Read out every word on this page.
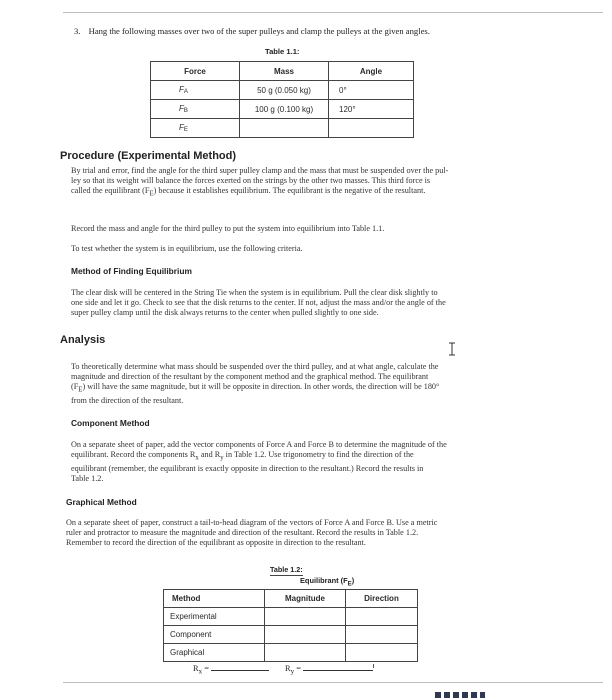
3. Hang the following masses over two of the super pulleys and clamp the pulleys at the given angles.
Table 1.1:
Force	Mass	Angle
FA	50 g (0.050 kg)	0°
FB	100 g (0.100 kg)	120°
FE		
Procedure (Experimental Method)
By trial and error, find the angle for the third super pulley clamp and the mass that must be suspended over the pul-
ley so that its weight will balance the forces exerted on the strings by the other two masses. This third force is
called the equilibrant $(F_E)$ because it establishes equilibrium. The equilibrant is the negative of the resultant.
Record the mass and angle for the third pulley to put the system into equilibrium into Table 1.1.
To test whether the system is in equilibrium, use the following criteria.
Method of Finding Equilibrium
The clear disk will be centered in the String Tie when the system is in equilibrium. Pull the clear disk slightly to
one side and let it go. Check to see that the disk returns to the center. If not, adjust the mass and/or the angle of the
super pulley clamp until the disk always returns to the center when pulled slightly to one side.
Analysis
To theoretically determine what mass should be suspended over the third pulley, and at what angle, calculate the
magnitude and direction of the resultant by the component method and the graphical method. The equilibrant
$(F_E)$ will have the same magnitude, but it will be opposite in direction. In other words, the direction will be 180°
from the direction of the resultant.
Component Method
On a separate sheet of paper, add the vector components of Force A and Force B to determine the magnitude of the
equilibrant. Record the components $R_x$ and $R_y$ in Table 1.2. Use trigonometry to find the direction of the
equilibrant (remember, the equilibrant is exactly opposite in direction to the resultant.) Record the results in
Table 1.2.
Graphical Method
On a separate sheet of paper, construct a tail-to-head diagram of the vectors of Force A and Force B. Use a metric
ruler and protractor to measure the magnitude and direction of the resultant. Record the results in Table 1.2.
Remember to record the direction of the equilibrant as opposite in direction to the resultant.
Table 1.2:
Equilibrant $(F_E)$
Method	Magnitude	Direction
Experimental		
Component		
Graphical		
$R_x$ =	$R_y$ =
